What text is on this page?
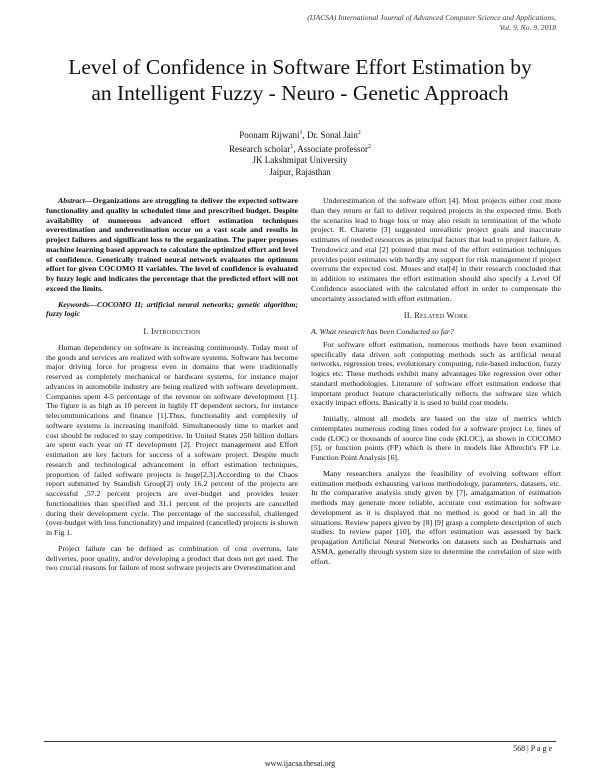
(IJACSA) International Journal of Advanced Computer Science and Applications,
Vol. 9, No. 9, 2018
Level of Confidence in Software Effort Estimation by
an Intelligent Fuzzy - Neuro - Genetic Approach
Poonam Rijwani$^1$, Dr. Sonal Jain$^2$
Research scholar$^1$, Associate professor$^2$
JK Lakshmipat University
Jaipur, Rajasthan

Abstract—Organizations are struggling to deliver the expected software functionality and quality in scheduled time and prescribed budget. Despite availability of numerous advanced effort estimation techniques overestimation and underestimation occur on a vast scale and results in project failures and significant loss to the organization. The paper proposes machine learning based approach to calculate the optimized effort and level of confidence. Genetically trained neural network evaluates the optimum effort for given COCOMO II variables. The level of confidence is evaluated by fuzzy logic and indicates the percentage that the predicted effort will not exceed the limits.

Keywords—COCOMO II; artificial neural networks; genetic algorithm; fuzzy logic

I. Introduction

Human dependency on software is increasing continuously. Today most of the goods and services are realized with software systems. Software has become major driving force for progress even in domains that were traditionally reserved as completely mechanical or hardware systems, for instance major advances in automobile industry are being realized with software development. Companies spent 4-5 percentage of the revenue on software development [1]. The figure is as high as 10 percent in highly IT dependent sectors, for instance telecommunications and finance [1].Thus, functionality and complexity of software systems is increasing manifold. Simultaneously time to market and cost should be reduced to stay competitive. In United States 250 billion dollars are spent each year on IT development [2]. Project management and Effort estimation are key factors for success of a software project. Despite much research and technological advancement in effort estimation techniques, proportion of failed software projects is huge[2,3].According to the Chaos report submitted by Standish Group[2] only 16.2 percent of the projects are successful ,57.2 percent projects are over-budget and provides lesser functionalities than specified and 31.1 percent of the projects are cancelled during their development cycle. The percentage of the successful, challenged (over-budget with less functionality) and impaired (cancelled) projects is shown in Fig 1.

Project failure can be defined as combination of cost overruns, late deliveries, poor quality, and/or developing a product that does not get used. The two crucial reasons for failure of most software projects are Overestimation and

Underestimation of the software effort [4]. Most projects either cost more than they return or fail to deliver required projects in the expected time. Both the scenarios lead to huge loss or may also result in termination of the whole project. R. Charette [3] suggested unrealistic project goals and inaccurate estimates of needed resources as principal factors that lead to project failure. A. Trendowicz and etal [2] pointed that most of the effort estimation techniques provides point estimates with hardly any support for risk management if project overruns the expected cost. Moses and etal[4] in their research concluded that in addition to estimates the effort estimation should also specify a Level Of Confidence associated with the calculated effort in order to compensate the uncertainty associated with effort estimation.

II. Related Work
A. What research has been Conducted so far?

For software effort estimation, numerous methods have been examined specifically data driven soft computing methods such as artificial neural networks, regression trees, evolutionary computing, rule-based induction, fuzzy logics etc. These methods exhibit many advantages like regression over other standard methodologies. Literature of software effort estimation endorse that important product feature characteristically reflects the software size which exactly impact efforts. Basically it is used to build cost models.

Initially, almost all models are based on the size of metrics which contemplates numerous coding lines coded for a software project i.e. lines of code (LOC) or thousands of source line code (KLOC), as shown in COCOMO [5], or function points (FP) which is there in models like Albrecht's FP i.e. Function Point Analysis [6].

Many researchers analyze the feasibility of evolving software effort estimation methods exhausting various methodology, parameters, datasets, etc. In the comparative analysis study given by [7], amalgamation of estimation methods may generate more reliable, accurate cost estimation for software development as it is displayed that no method is good or bad in all the situations. Review papers given by [8] [9] grasp a complete description of such studies. In review paper [10], the effort estimation was assessed by back propagation Artificial Neural Networks on datasets such as Desharnais and ASMA, generally through system size to determine the correlation of size with effort.

568 | P a g e
www.ijacsa.thesai.org
